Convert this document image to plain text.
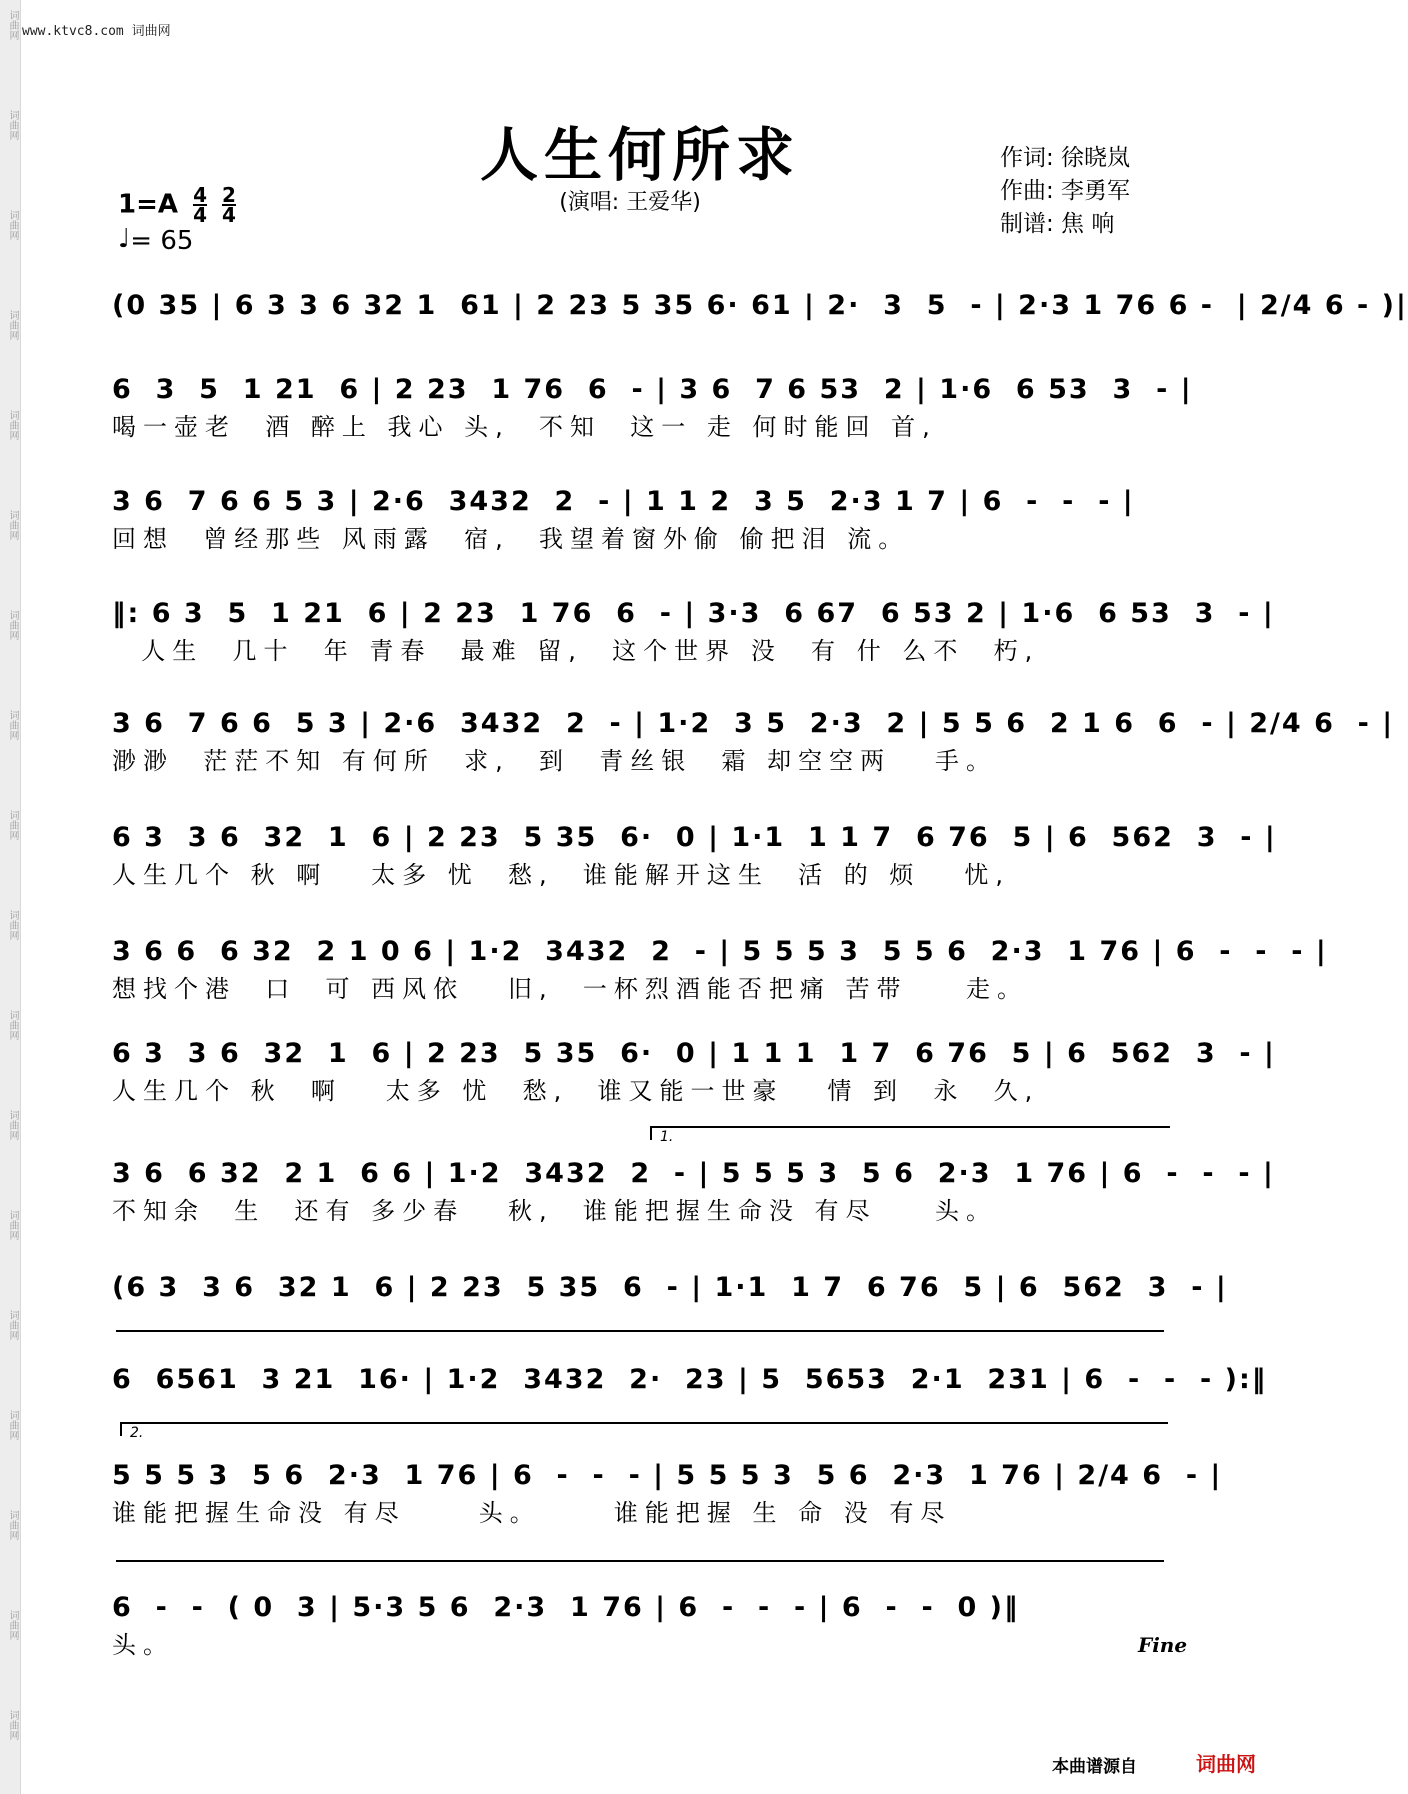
词曲网
词曲网
词曲网
词曲网
词曲网
词曲网
词曲网
词曲网
词曲网
词曲网
词曲网
词曲网
词曲网
词曲网
词曲网
词曲网
词曲网
词曲网
www.ktvc8.com 词曲网
人生何所求
(演唱: 王爱华)
作词: 徐晓岚
作曲: 李勇军
制谱: 焦 响
$1=A \frac{4}{4}$
$\frac{2}{4}$
♩= 65
(0 35 | 6 3 3 6 32 1  61 | 2 23 5 35 6· 61 | 2·  3  5  - | 2·3 1 76 6 -  | 2/4 6 - )|
6  3  5  1 21  6 | 2 23  1 76  6  - | 3 6  7 6 53  2 | 1·6  6 53  3  - |
喝一壶老  酒 醉上 我心 头,  不知  这一 走 何时能回 首,
3 6  7 6 6 5 3 | 2·6  3432  2  - | 1 1 2  3 5  2·3 1 7 | 6  -  -  - |
回想  曾经那些 风雨露  宿,  我望着窗外偷 偷把泪 流。
‖: 6 3  5  1 21  6 | 2 23  1 76  6  - | 3·3  6 67  6 53 2 | 1·6  6 53  3  - |
人生  几十  年 青春  最难 留,  这个世界 没  有 什 么不  朽,
3 6  7 6 6  5 3 | 2·6  3432  2  - | 1·2  3 5  2·3  2 | 5 5 6  2 1 6  6  - | 2/4 6  - |
渺渺  茫茫不知 有何所  求,  到  青丝银  霜 却空空两   手。
6 3  3 6  32  1  6 | 2 23  5 35  6·  0 | 1·1  1 1 7  6 76  5 | 6  562  3  - |
人生几个 秋 啊   太多 忧  愁,  谁能解开这生  活 的 烦   忧,
3 6 6  6 32  2 1 0 6 | 1·2  3432  2  - | 5 5 5 3  5 5 6  2·3  1 76 | 6  -  -  - |
想找个港  口  可 西风依   旧,  一杯烈酒能否把痛 苦带    走。
6 3  3 6  32  1  6 | 2 23  5 35  6·  0 | 1 1 1  1 7  6 76  5 | 6  562  3  - |
人生几个 秋  啊   太多 忧  愁,  谁又能一世豪   情 到  永  久,
1.
3 6  6 32  2 1  6 6 | 1·2  3432  2  - | 5 5 5 3  5 6  2·3  1 76 | 6  -  -  - |
不知余  生  还有 多少春   秋,  谁能把握生命没 有尽    头。
(6 3  3 6  32 1  6 | 2 23  5 35  6  - | 1·1  1 7  6 76  5 | 6  562  3  - |
6  6561  3 21  16· | 1·2  3432  2·  23 | 5  5653  2·1  231 | 6  -  -  - ):‖
2.
5 5 5 3  5 6  2·3  1 76 | 6  -  -  - | 5 5 5 3  5 6  2·3  1 76 | 2/4 6  - |
谁能把握生命没 有尽     头。     谁能把握 生 命 没 有尽
6  -  -  ( 0  3 | 5·3 5 6  2·3  1 76 | 6  -  -  - | 6  -  -  0 )‖
头。	Fine
本曲谱源自	词曲网
